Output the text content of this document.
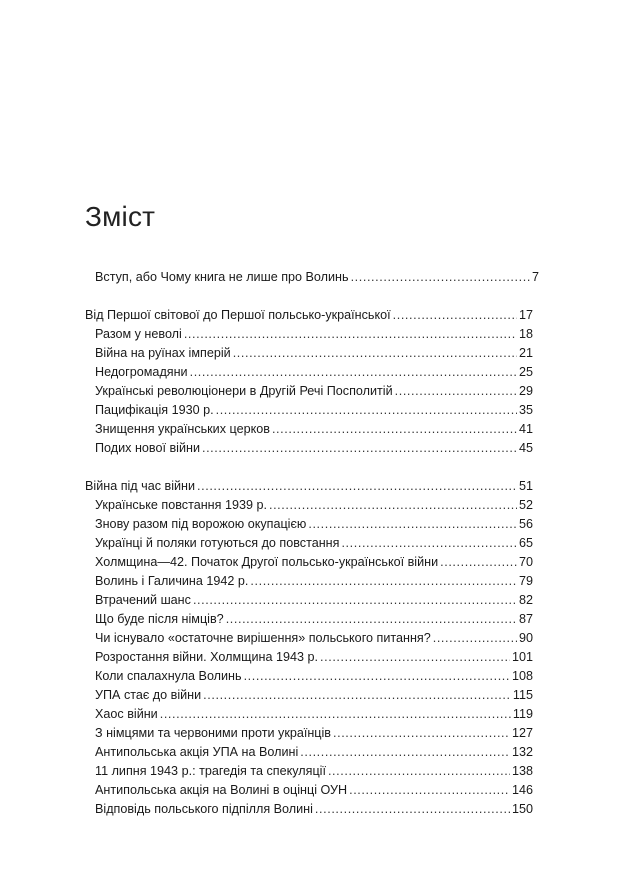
Зміст
Вступ, або Чому книга не лише про Волинь .....	7
Від Першої світової до Першої польсько-української .....	17
Разом у неволі .....	18
Війна на руїнах імперій .....	21
Недогромадяни .....	25
Українські революціонери в Другій Речі Посполитій .....	29
Пацифікація 1930 р. .....	35
Знищення українських церков .....	41
Подих нової війни .....	45
Війна під час війни .....	51
Українське повстання 1939 р. .....	52
Знову разом під ворожою окупацією .....	56
Українці й поляки готуються до повстання .....	65
Холмщина—42. Початок Другої польсько-української війни .....	70
Волинь і Галичина 1942 р. .....	79
Втрачений шанс .....	82
Що буде після німців? .....	87
Чи існувало «остаточне вирішення» польського питання? .....	90
Розростання війни. Холмщина 1943 р. .....	101
Коли спалахнула Волинь .....	108
УПА стає до війни .....	115
Хаос війни .....	119
З німцями та червоними проти українців .....	127
Антипольська акція УПА на Волині .....	132
11 липня 1943 р.: трагедія та спекуляції .....	138
Антипольська акція на Волині в оцінці ОУН .....	146
Відповідь польського підпілля Волині .....	150
